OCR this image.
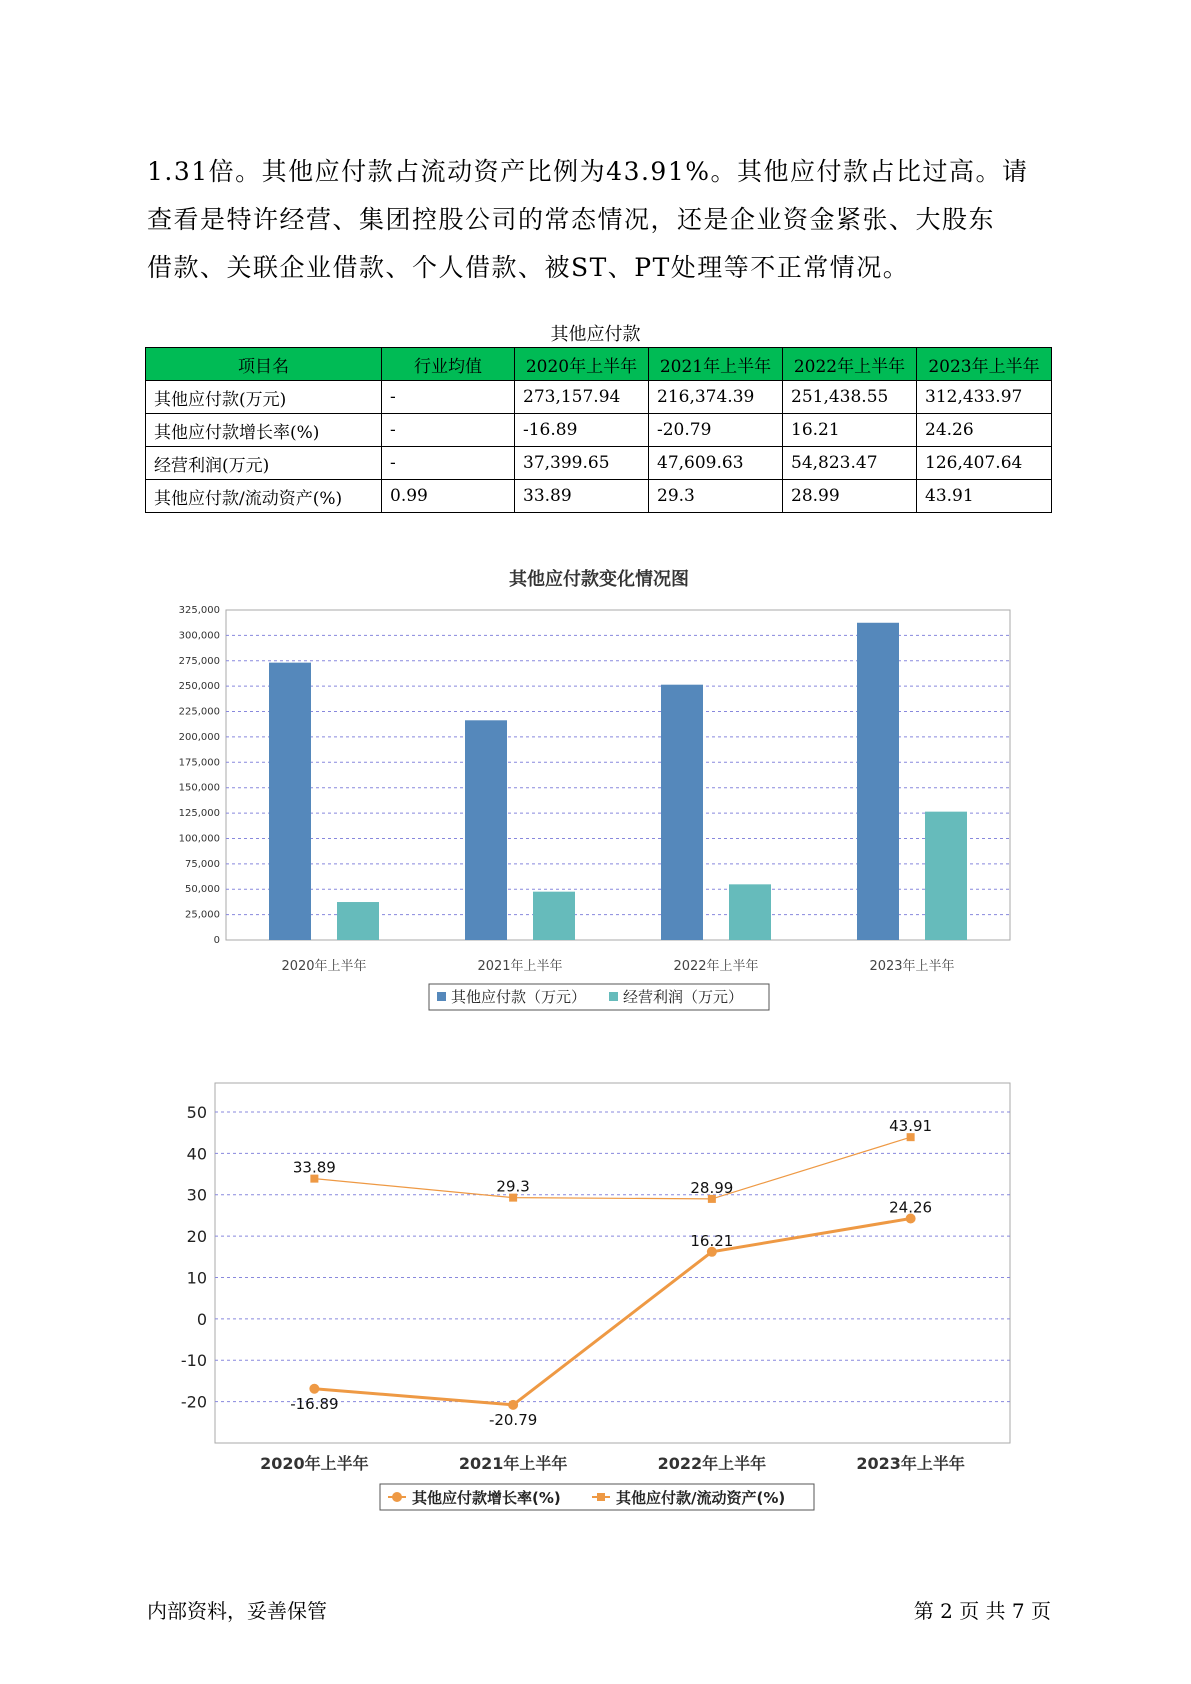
1.31倍。其他应付款占流动资产比例为43.91%。其他应付款占比过高。请

查看是特许经营、集团控股公司的常态情况，还是企业资金紧张、大股东

借款、关联企业借款、个人借款、被ST、PT处理等不正常情况。

其他应付款
项目名	行业均值	2020年上半年	2021年上半年	2022年上半年	2023年上半年
其他应付款(万元)	-	273,157.94	216,374.39	251,438.55	312,433.97
其他应付款增长率(%)	-	-16.89	-20.79	16.21	24.26
经营利润(万元)	-	37,399.65	47,609.63	54,823.47	126,407.64
其他应付款/流动资产(%)	0.99	33.89	29.3	28.99	43.91
其他应付款变化情况图
0
25,000
50,000
75,000
100,000
125,000
150,000
175,000
200,000
225,000
250,000
275,000
300,000
325,000
2020年上半年	2021年上半年	2022年上半年	2023年上半年
其他应付款（万元） 经营利润（万元）
-20
-10
0
10
20
30
40
50
2020年上半年	2021年上半年	2022年上半年	2023年上半年
-16.89
-20.79
16.21
24.26
33.89
29.3	28.99
43.91
其他应付款增长率(%)	其他应付款/流动资产(%)
内部资料，妥善保管	第 2 页 共 7 页
